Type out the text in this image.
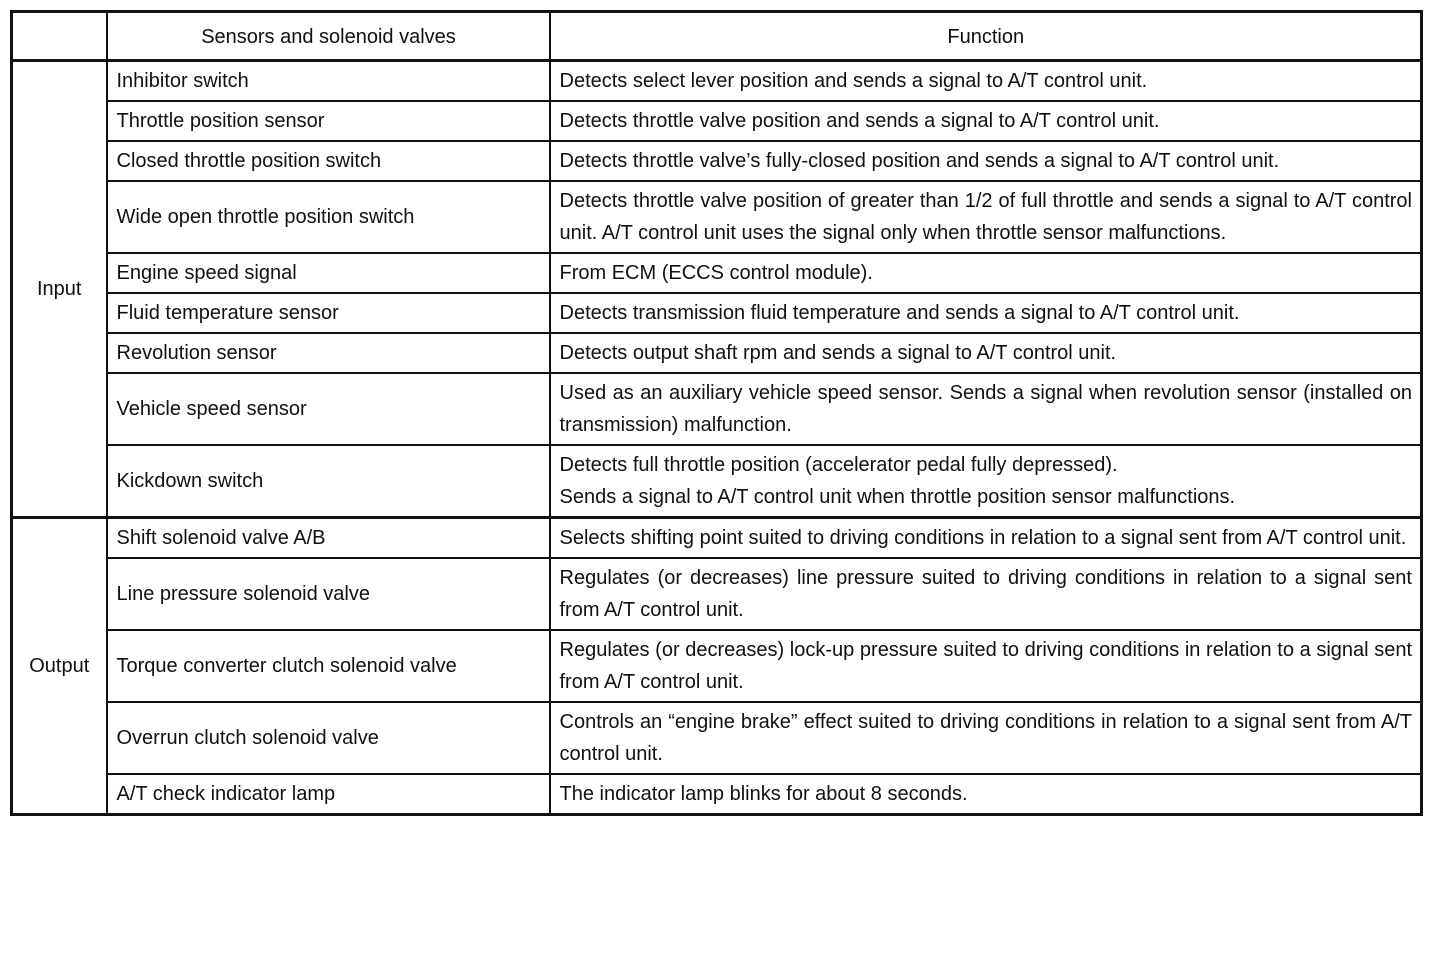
	Sensors and solenoid valves	Function
Input	Inhibitor switch	Detects select lever position and sends a signal to A/T control unit.

	Throttle position sensor	Detects throttle valve position and sends a signal to A/T control unit.

	Closed throttle position switch	Detects throttle valve’s fully-closed position and sends a signal to A/T control unit.

	Wide open throttle position switch	Detects throttle valve position of greater than 1/2 of full throttle and sends a signal to A/T control unit. A/T control unit uses the signal only when throttle sensor malfunctions.

	Engine speed signal	From ECM (ECCS control module).

	Fluid temperature sensor	Detects transmission fluid temperature and sends a signal to A/T control unit.

	Revolution sensor	Detects output shaft rpm and sends a signal to A/T control unit.

	Vehicle speed sensor	Used as an auxiliary vehicle speed sensor. Sends a signal when revolution sensor (installed on transmission) malfunction.

	Kickdown switch	Detects full throttle position (accelerator pedal fully depressed).
Sends a signal to A/T control unit when throttle position sensor malfunctions.

Output	Shift solenoid valve A/B	Selects shifting point suited to driving conditions in relation to a signal sent from A/T control unit.

	Line pressure solenoid valve	Regulates (or decreases) line pressure suited to driving conditions in relation to a signal sent from A/T control unit.

	Torque converter clutch solenoid valve	Regulates (or decreases) lock-up pressure suited to driving conditions in relation to a signal sent from A/T control unit.

	Overrun clutch solenoid valve	Controls an “engine brake” effect suited to driving conditions in relation to a signal sent from A/T control unit.

	A/T check indicator lamp	The indicator lamp blinks for about 8 seconds.
